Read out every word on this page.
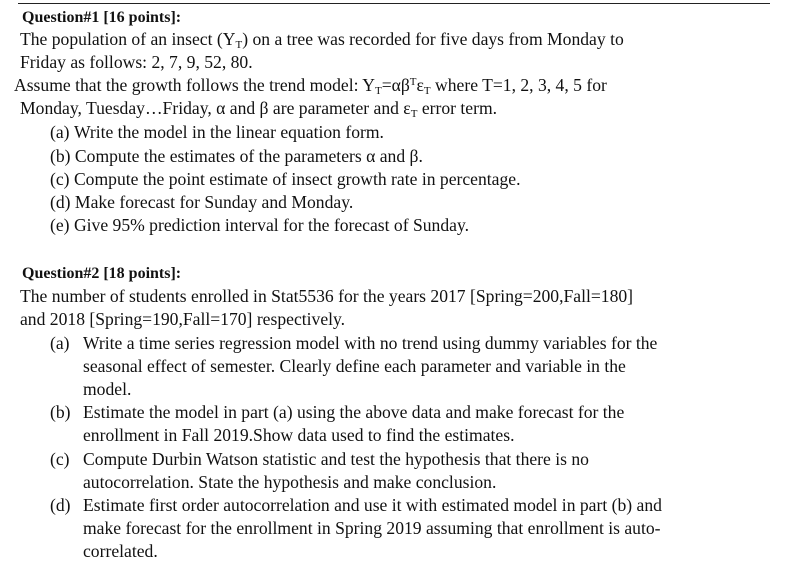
Question#1 [16 points]:
The population of an insect (YT) on a tree was recorded for five days from Monday to
Friday as follows: 2, 7, 9, 52, 80.
Assume that the growth follows the trend model: $YT=\alpha\beta^T\varepsilon T$ where T=1, 2, 3, 4, 5 for
Monday, Tuesday…Friday, α and β are parameter and εT error term.
(a) Write the model in the linear equation form.
(b) Compute the estimates of the parameters α and β.
(c) Compute the point estimate of insect growth rate in percentage.
(d) Make forecast for Sunday and Monday.
(e) Give 95% prediction interval for the forecast of Sunday.
Question#2 [18 points]:
The number of students enrolled in Stat5536 for the years 2017 [Spring=200,Fall=180]
and 2018 [Spring=190,Fall=170] respectively.
(a) Write a time series regression model with no trend using dummy variables for the
seasonal effect of semester. Clearly define each parameter and variable in the
model.
(b) Estimate the model in part (a) using the above data and make forecast for the
enrollment in Fall 2019.Show data used to find the estimates.
(c) Compute Durbin Watson statistic and test the hypothesis that there is no
autocorrelation. State the hypothesis and make conclusion.
(d) Estimate first order autocorrelation and use it with estimated model in part (b) and
make forecast for the enrollment in Spring 2019 assuming that enrollment is auto-
correlated.
